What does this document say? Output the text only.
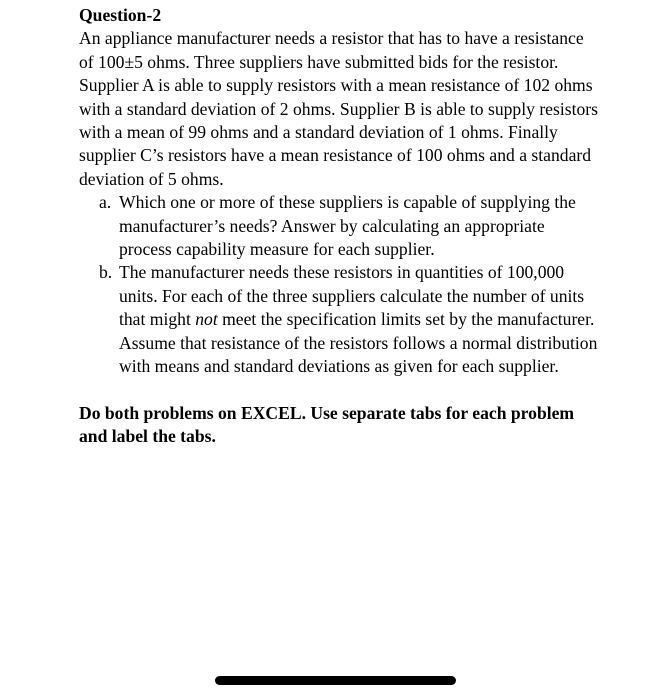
Question-2

An appliance manufacturer needs a resistor that has to have a resistance of 100±5 ohms. Three suppliers have submitted bids for the resistor. Supplier A is able to supply resistors with a mean resistance of 102 ohms with a standard deviation of 2 ohms. Supplier B is able to supply resistors with a mean of 99 ohms and a standard deviation of 1 ohms. Finally supplier C’s resistors have a mean resistance of 100 ohms and a standard deviation of 5 ohms.

a. Which one or more of these suppliers is capable of supplying the manufacturer’s needs? Answer by calculating an appropriate process capability measure for each supplier.
b. The manufacturer needs these resistors in quantities of 100,000 units. For each of the three suppliers calculate the number of units that might not meet the specification limits set by the manufacturer. Assume that resistance of the resistors follows a normal distribution with means and standard deviations as given for each supplier.

Do both problems on EXCEL. Use separate tabs for each problem and label the tabs.
